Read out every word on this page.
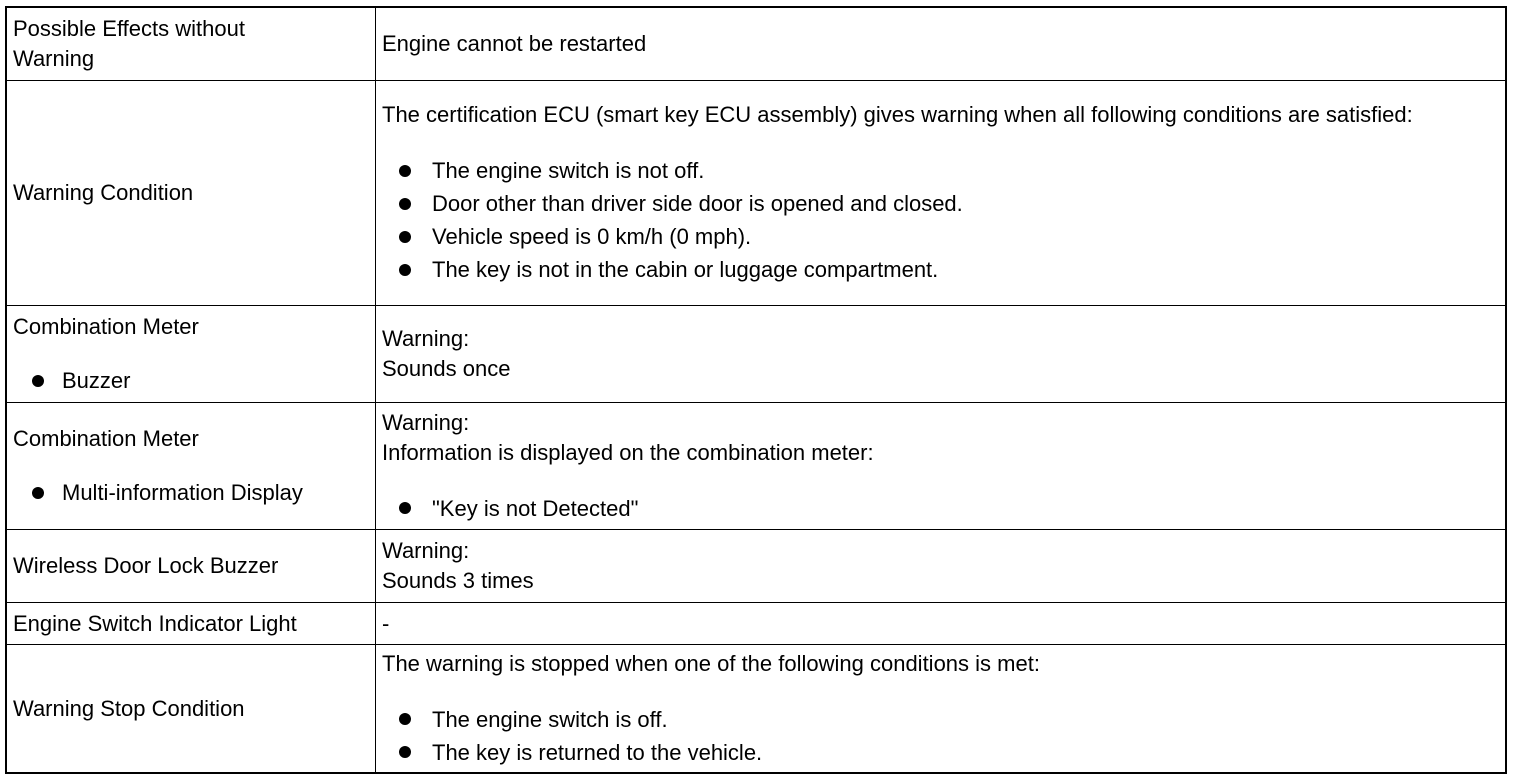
Possible Effects without Warning
Engine cannot be restarted
Warning Condition
The certification ECU (smart key ECU assembly) gives warning when all following conditions are satisfied:
The engine switch is not off.
Door other than driver side door is opened and closed.
Vehicle speed is 0 km/h (0 mph).
The key is not in the cabin or luggage compartment.
Combination Meter
Buzzer
Warning:
Sounds once
Combination Meter
Multi-information Display
Warning:
Information is displayed on the combination meter:
"Key is not Detected"
Wireless Door Lock Buzzer
Warning:
Sounds 3 times
Engine Switch Indicator Light	-
Warning Stop Condition
The warning is stopped when one of the following conditions is met:
The engine switch is off.
The key is returned to the vehicle.
